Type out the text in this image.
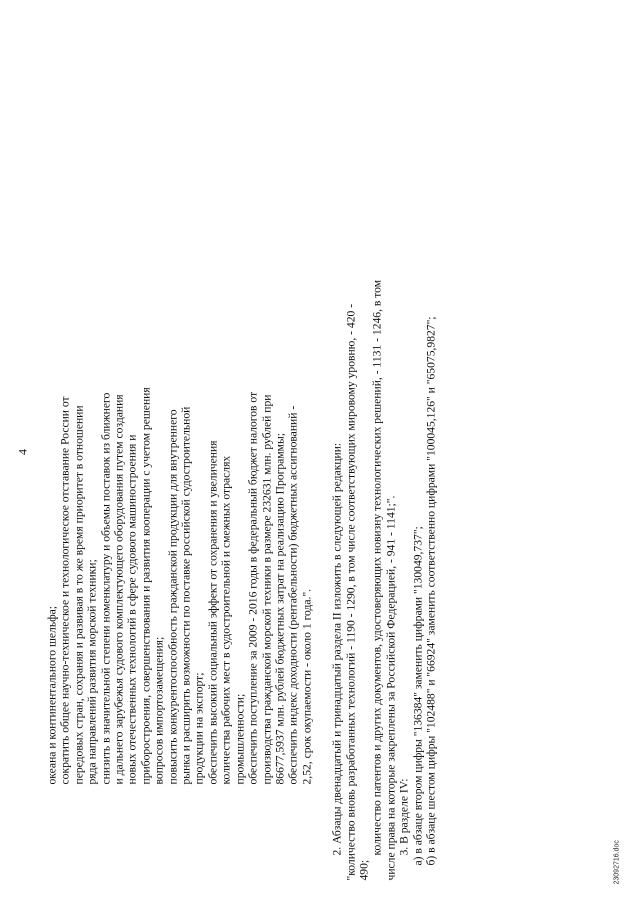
4

океана и континентального шельфа; сократить общее научно-техническое и технологическое отставание России от передовых стран, сохраняя и развивая в то же время приоритет в отношении ряда направлений развития морской техники; снизить в значительной степени номенклатуру и объемы поставок из ближнего и дальнего зарубежья судового комплектующего оборудования путем создания новых отечественных технологий в сфере судового машиностроения и приборостроения, совершенствования и развития кооперации с учетом решения вопросов импортозамещения; повысить конкурентоспособность гражданской продукции для внутреннего рынка и расширить возможности по поставке российской судостроительной продукции на экспорт; обеспечить высокий социальный эффект от сохранения и увеличения количества рабочих мест в судостроительной и смежных отраслях промышленности; обеспечить поступление за 2009 - 2016 годы в федеральный бюджет налогов от производства гражданской морской техники в размере 232631 млн. рублей при 86677,5937 млн. рублей бюджетных затрат на реализацию Программы; обеспечить индекс доходности (рентабельности) бюджетных ассигнований - 2,52, срок окупаемости - около 1 года.". 2. Абзацы двенадцатый и тринадцатый раздела II изложить в следующей редакции: "количество вновь разработанных технологий - 1190 - 1290, в том числе соответствующих мировому уровню, - 420 - 490;

количество патентов и других документов, удостоверяющих новизну технологических решений, - 1131 - 1246, в том числе права на которые закреплены за Российской Федерацией, - 941 - 1141;". 3. В разделе IV: а) в абзаце втором цифры "136384" заменить цифрами "130049,737"; б) в абзаце шестом цифры "102488" и "66924" заменить соответственно цифрами "100045,126" и "65075,9827";	23092716.doc
